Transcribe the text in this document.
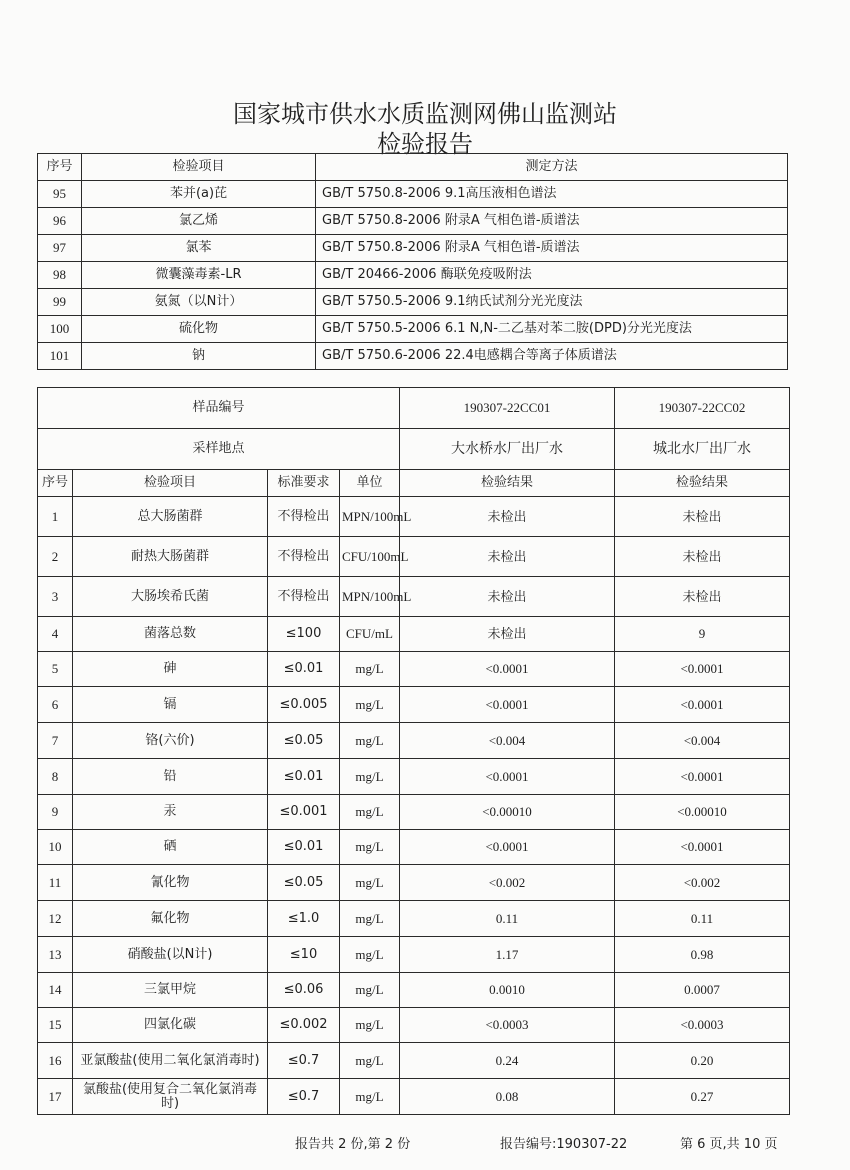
国家城市供水水质监测网佛山监测站
检验报告
序号	检验项目	测定方法
95	苯并(a)芘	GB/T 5750.8-2006 9.1高压液相色谱法
96	氯乙烯	GB/T 5750.8-2006 附录A 气相色谱-质谱法
97	氯苯	GB/T 5750.8-2006 附录A 气相色谱-质谱法
98	微囊藻毒素-LR	GB/T 20466-2006 酶联免疫吸附法
99	氨氮（以N计）	GB/T 5750.5-2006 9.1纳氏试剂分光光度法
100	硫化物	GB/T 5750.5-2006 6.1 N,N-二乙基对苯二胺(DPD)分光光度法
101	钠	GB/T 5750.6-2006 22.4电感耦合等离子体质谱法
样品编号				190307-22CC01	190307-22CC02
采样地点				大水桥水厂出厂水	城北水厂出厂水
序号	检验项目	标准要求	单位	检验结果	检验结果
1	总大肠菌群	不得检出	MPN/100mL	未检出	未检出
2	耐热大肠菌群	不得检出	CFU/100mL	未检出	未检出
3	大肠埃希氏菌	不得检出	MPN/100mL	未检出	未检出
4	菌落总数	≤100	CFU/mL	未检出	9
5	砷	≤0.01	mg/L	<0.0001	<0.0001
6	镉	≤0.005	mg/L	<0.0001	<0.0001
7	铬(六价)	≤0.05	mg/L	<0.004	<0.004
8	铅	≤0.01	mg/L	<0.0001	<0.0001
9	汞	≤0.001	mg/L	<0.00010	<0.00010
10	硒	≤0.01	mg/L	<0.0001	<0.0001
11	氰化物	≤0.05	mg/L	<0.002	<0.002
12	氟化物	≤1.0	mg/L	0.11	0.11
13	硝酸盐(以N计)	≤10	mg/L	1.17	0.98
14	三氯甲烷	≤0.06	mg/L	0.0010	0.0007
15	四氯化碳	≤0.002	mg/L	<0.0003	<0.0003
16	亚氯酸盐(使用二氧化氯消毒时)	≤0.7	mg/L	0.24	0.20
17	氯酸盐(使用复合二氧化氯消毒时)	≤0.7	mg/L	0.08	0.27
报告共 2 份,第 2 份	报告编号:190307-22	第 6 页,共 10 页
